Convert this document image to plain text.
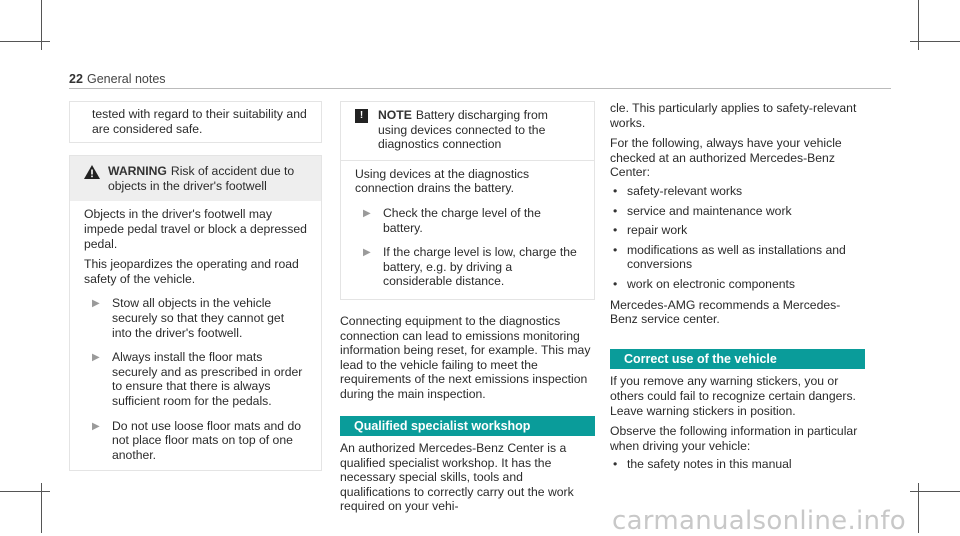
22 General notes
tested with regard to their suitability and are considered safe.
WARNING Risk of accident due to objects in the driver's footwell

Objects in the driver's footwell may impede pedal travel or block a depressed pedal.

This jeopardizes the operating and road safety of the vehicle.

▶	Stow all objects in the vehicle securely so that they cannot get into the driver's footwell.
▶	Always install the floor mats securely and as prescribed in order to ensure that there is always sufficient room for the pedals.
▶	Do not use loose floor mats and do not place floor mats on top of one another.
!	NOTE Battery discharging from using devices connected to the diagnostics connection

Using devices at the diagnostics connection drains the battery.

▶	Check the charge level of the battery.
▶	If the charge level is low, charge the battery, e.g. by driving a considerable distance.

Connecting equipment to the diagnostics connection can lead to emissions monitoring information being reset, for example. This may lead to the vehicle failing to meet the requirements of the next emissions inspection during the main inspection.

Qualified specialist workshop

An authorized Mercedes-Benz Center is a qualified specialist workshop. It has the necessary special skills, tools and qualifications to correctly carry out the work required on your vehi-

cle. This particularly applies to safety-relevant works.

For the following, always have your vehicle checked at an authorized Mercedes-Benz Center:

• safety-relevant works
• service and maintenance work
• repair work
• modifications as well as installations and conversions
• work on electronic components

Mercedes-AMG recommends a Mercedes-Benz service center.

Correct use of the vehicle

If you remove any warning stickers, you or others could fail to recognize certain dangers. Leave warning stickers in position.

Observe the following information in particular when driving your vehicle:

• the safety notes in this manual
carmanualsonline.info
